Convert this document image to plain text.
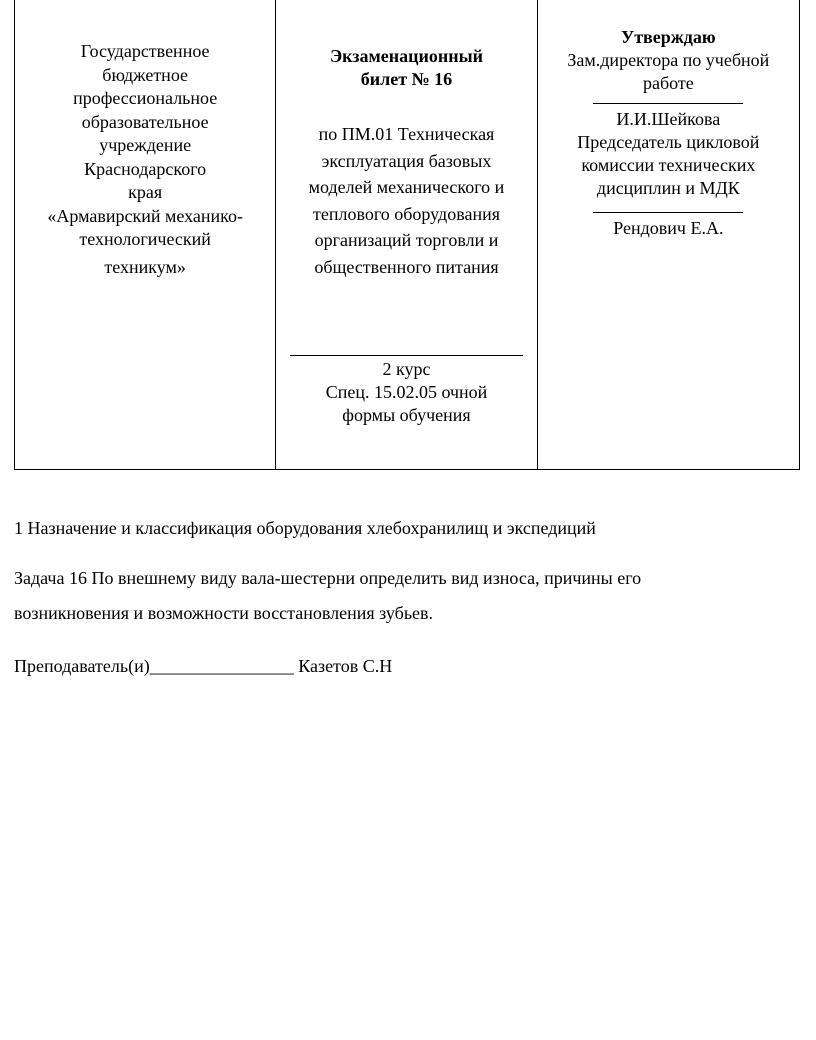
Государственное
бюджетное
профессиональное
образовательное
учреждение
Краснодарского
края
«Армавирский механико-
технологический
техникум»
Экзаменационный
билет № 16
по ПМ.01 Техническая
эксплуатация базовых
моделей механического и
теплового оборудования
организаций торговли и
общественного питания
2 курс
Спец. 15.02.05 очной
формы обучения
Утверждаю
Зам.директора по учебной
работе
И.И.Шейкова
Председатель цикловой
комиссии технических
дисциплин и МДК
Рендович Е.А.
1 Назначение и классификация оборудования хлебохранилищ и экспедиций
Задача 16 По внешнему виду вала-шестерни определить вид износа, причины его
возникновения и возможности восстановления зубьев.
Преподаватель(и)________________ Казетов С.Н
